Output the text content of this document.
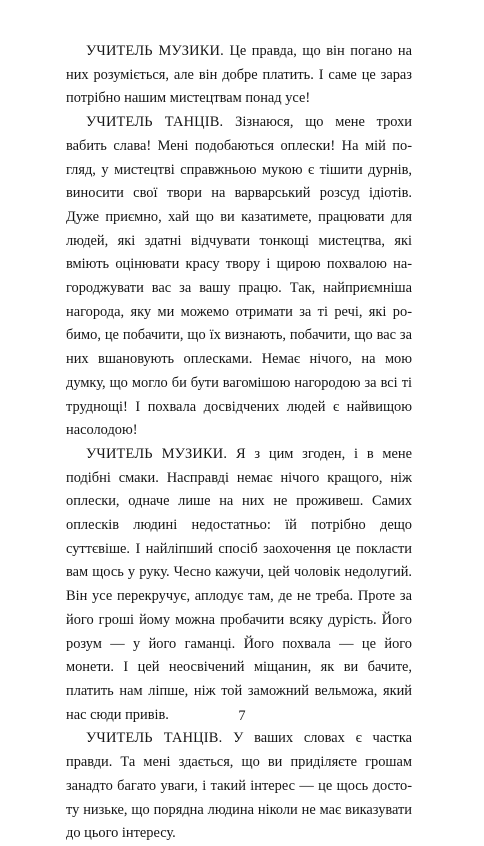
УЧИТЕЛЬ МУЗИКИ. Це правда, що він погано на них розуміється, але він добре платить. І саме це зараз потрібно нашим мистецтвам понад усе!

УЧИТЕЛЬ ТАНЦІВ. Зізнаюся, що мене трохи вабить слава! Мені подобаються оплески! На мій погляд, у мистецтві справжньою мукою є тішити дурнів, виносити свої твори на варварський розсуд ідіотів. Дуже приємно, хай що ви казатимете, працювати для людей, які здатні відчувати тонкощі мистецтва, які вміють оцінювати красу твору і щирою похвалою нагороджувати вас за вашу працю. Так, найприємніша нагорода, яку ми можемо отримати за ті речі, які робимо, це побачити, що їх визнають, побачити, що вас за них вшановують оплесками. Немає нічого, на мою думку, що могло би бути вагомішою нагородою за всі ті труднощі! І похвала досвідчених людей є найвищою насолодою!

УЧИТЕЛЬ МУЗИКИ. Я з цим згоден, і в мене подібні смаки. Насправді немає нічого кращого, ніж оплески, одначе лише на них не проживеш. Самих оплесків людині недостатньо: їй потрібно дещо суттєвіше. І найліпший спосіб заохочення це покласти вам щось у руку. Чесно кажучи, цей чоловік недолугий. Він усе перекручує, аплодує там, де не треба. Проте за його гроші йому можна пробачити всяку дурість. Його розум — у його гаманці. Його похвала — це його монети. І цей неосвічений міщанин, як ви бачите, платить нам ліпше, ніж той заможний вельможа, який нас сюди привів.

УЧИТЕЛЬ ТАНЦІВ. У ваших словах є частка правди. Та мені здається, що ви приділяєте грошам занадто багато уваги, і такий інтерес — це щось достоту низьке, що порядна людина ніколи не має виказувати до цього інтересу.

7
